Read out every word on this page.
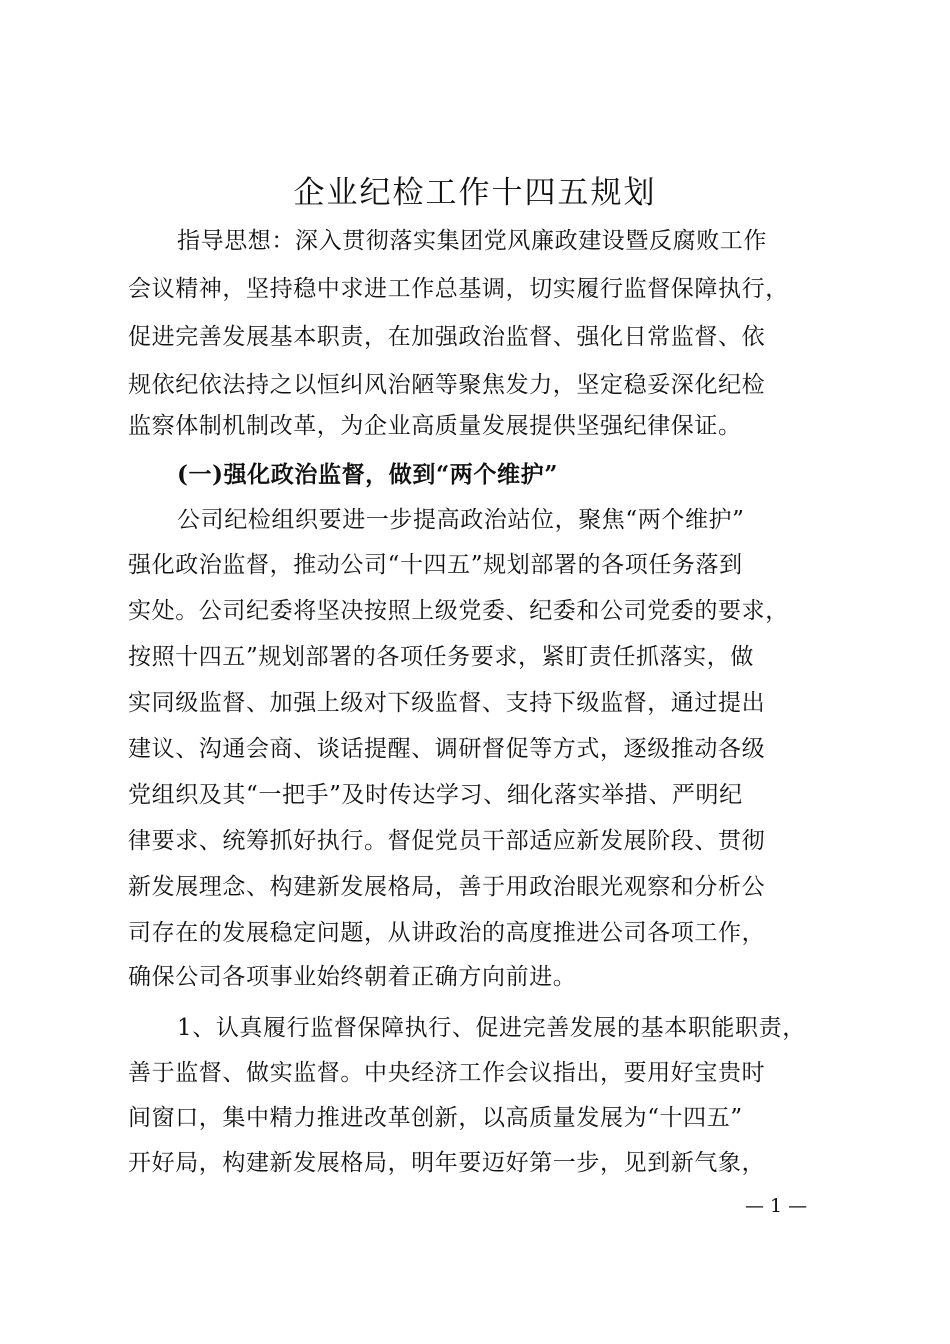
企业纪检工作十四五规划
指导思想：深入贯彻落实集团党风廉政建设暨反腐败工作
会议精神，坚持稳中求进工作总基调，切实履行监督保障执行，
促进完善发展基本职责，在加强政治监督、强化日常监督、依
规依纪依法持之以恒纠风治陋等聚焦发力，坚定稳妥深化纪检
监察体制机制改革，为企业高质量发展提供坚强纪律保证。
(一)强化政治监督，做到“两个维护”
公司纪检组织要进一步提高政治站位，聚焦“两个维护”
强化政治监督，推动公司“十四五”规划部署的各项任务落到
实处。公司纪委将坚决按照上级党委、纪委和公司党委的要求，
按照十四五”规划部署的各项任务要求，紧盯责任抓落实，做
实同级监督、加强上级对下级监督、支持下级监督，通过提出
建议、沟通会商、谈话提醒、调研督促等方式，逐级推动各级
党组织及其“一把手”及时传达学习、细化落实举措、严明纪
律要求、统筹抓好执行。督促党员干部适应新发展阶段、贯彻
新发展理念、构建新发展格局，善于用政治眼光观察和分析公
司存在的发展稳定问题，从讲政治的高度推进公司各项工作，
确保公司各项事业始终朝着正确方向前进。
1、认真履行监督保障执行、促进完善发展的基本职能职责，
善于监督、做实监督。中央经济工作会议指出，要用好宝贵时
间窗口，集中精力推进改革创新，以高质量发展为“十四五”
开好局，构建新发展格局，明年要迈好第一步，见到新气象，
— 1 —
